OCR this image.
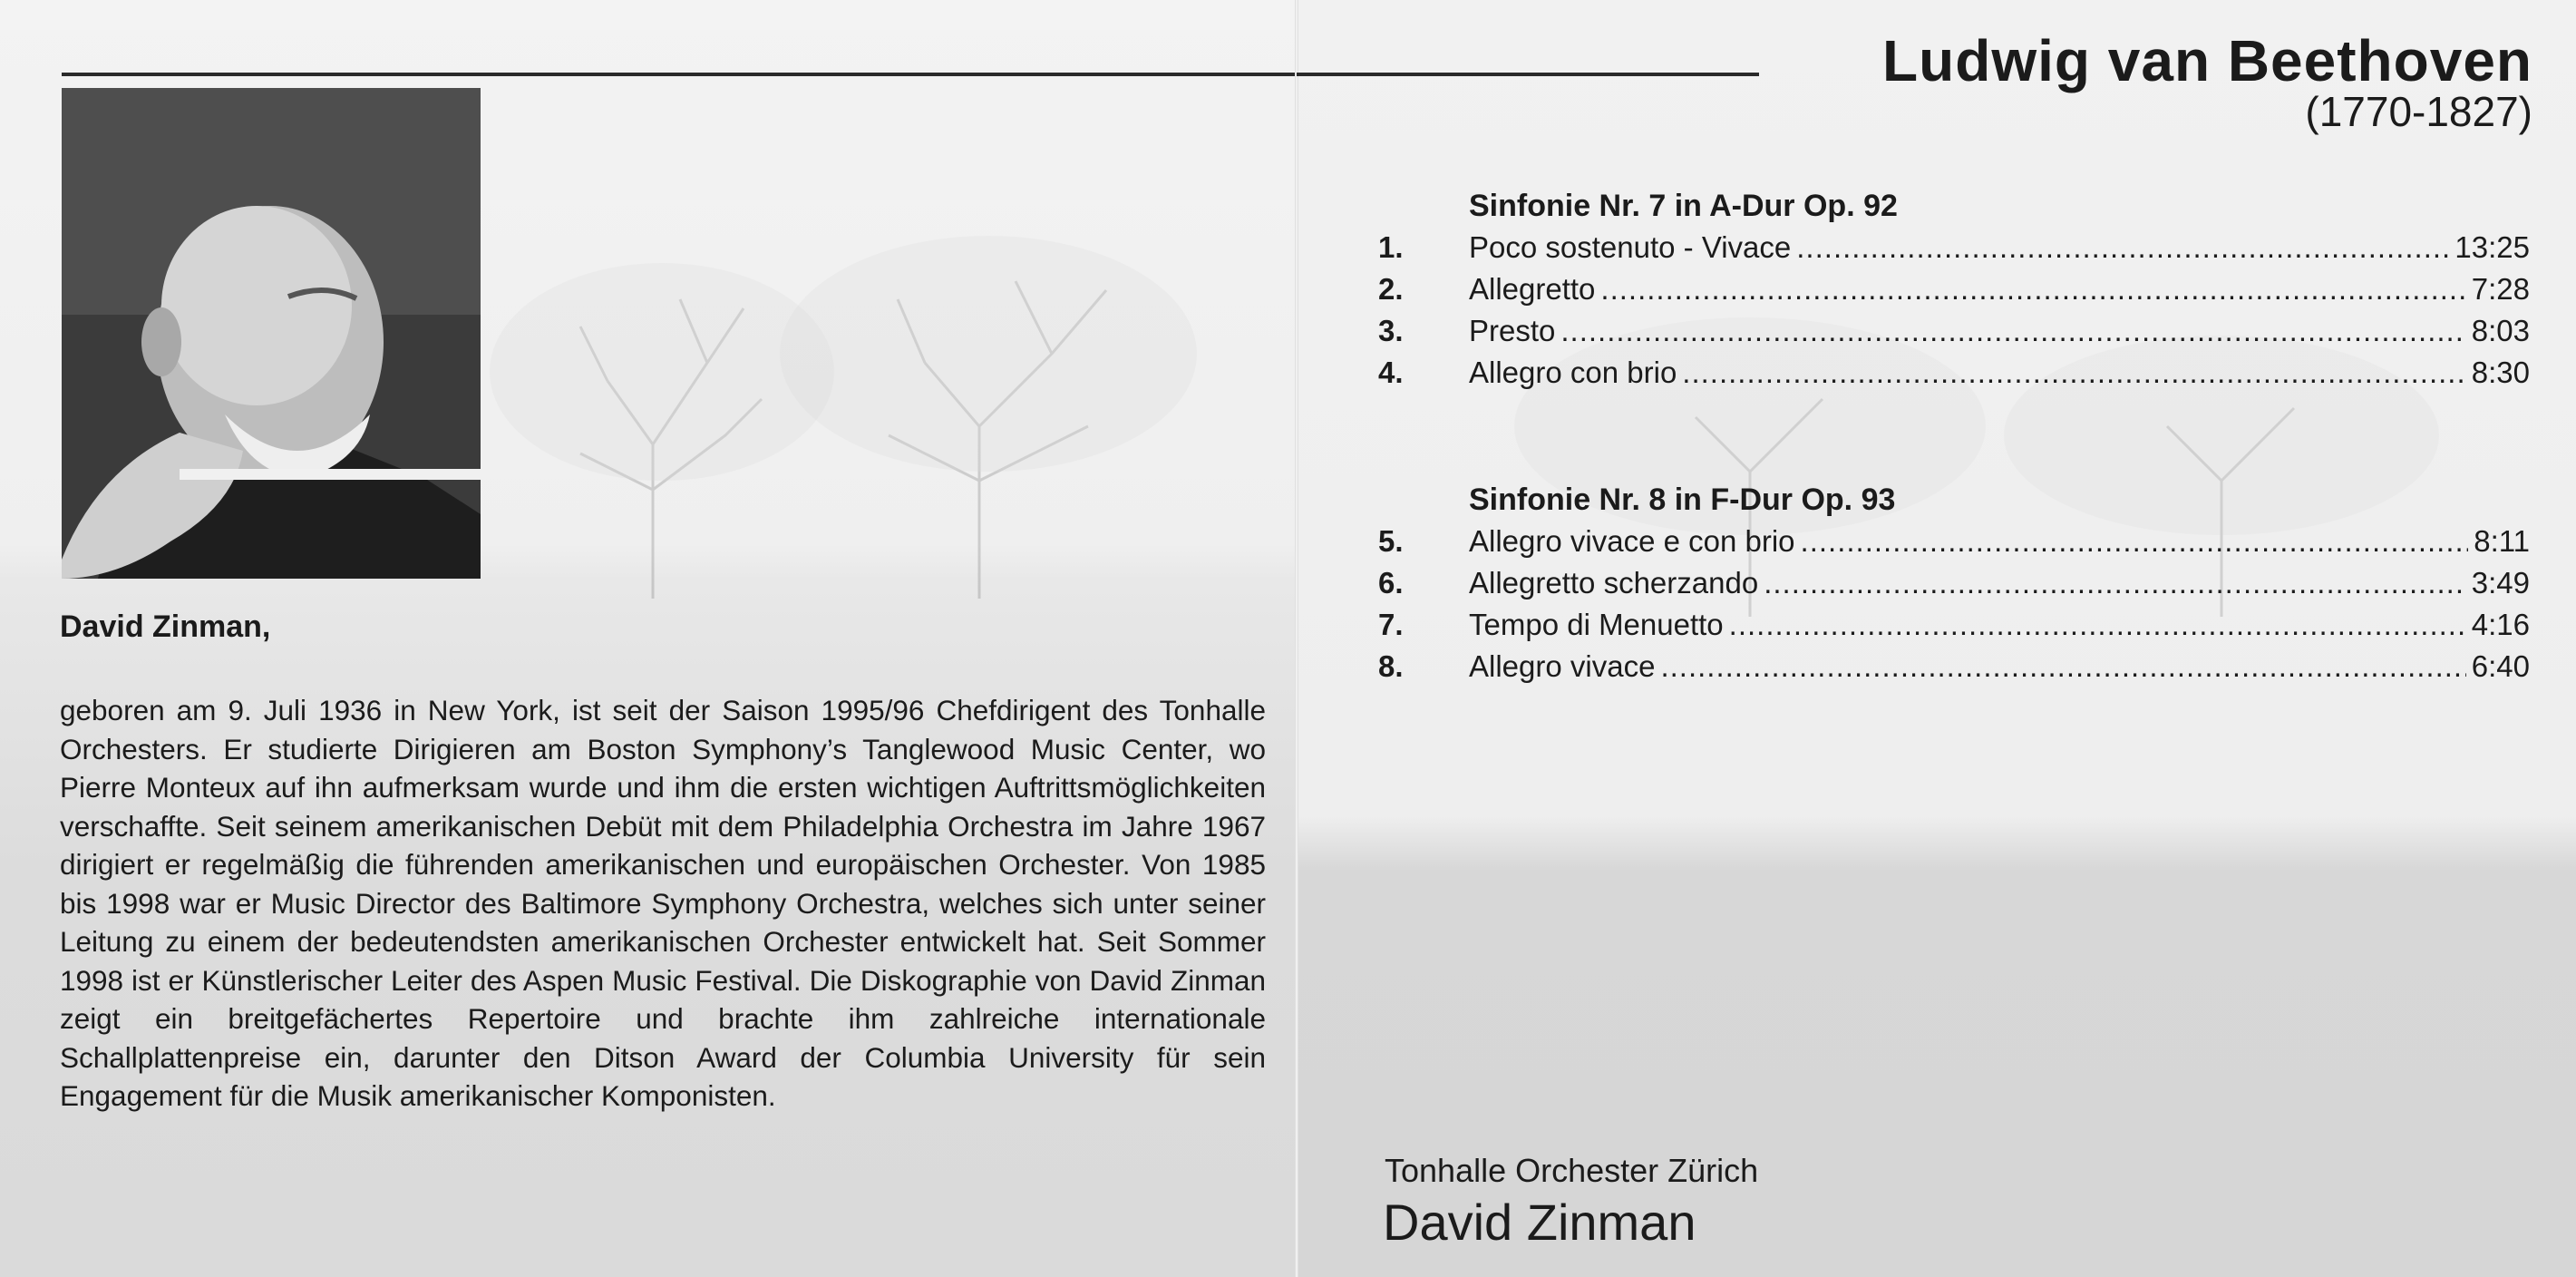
David Zinman,

geboren am 9. Juli 1936 in New York, ist seit der Saison 1995/96 Chefdirigent des Tonhalle Orchesters. Er studierte Dirigieren am Boston Symphony’s Tanglewood Music Center, wo Pierre Monteux auf ihn aufmerksam wurde und ihm die ersten wichtigen Auftrittsmöglichkeiten verschaffte. Seit seinem amerikanischen Debüt mit dem Philadelphia Orchestra im Jahre 1967 dirigiert er regelmäßig die führenden amerikanischen und europäischen Orchester. Von 1985 bis 1998 war er Music Director des Baltimore Symphony Orchestra, welches sich unter seiner Leitung zu einem der bedeutendsten amerikanischen Orchester entwickelt hat. Seit Sommer 1998 ist er Künstlerischer Leiter des Aspen Music Festival. Die Diskographie von David Zinman zeigt ein breitgefächertes Repertoire und brachte ihm zahlreiche internationale Schallplattenpreise ein, darunter den Ditson Award der Columbia University für sein Engagement für die Musik amerikanischer Komponisten.

Ludwig van Beethoven

(1770-1827)

Sinfonie Nr. 7 in A-Dur Op. 92
1.	Poco sostenuto - Vivace .....	13:25
2.	Allegretto .....	7:28
3.	Presto .....	8:03
4.	Allegro con brio .....	8:30
Sinfonie Nr. 8 in F-Dur Op. 93
5.	Allegro vivace e con brio .....	8:11
6.	Allegretto scherzando .....	3:49
7.	Tempo di Menuetto .....	4:16
8.	Allegro vivace .....	6:40

Tonhalle Orchester Zürich

David Zinman
